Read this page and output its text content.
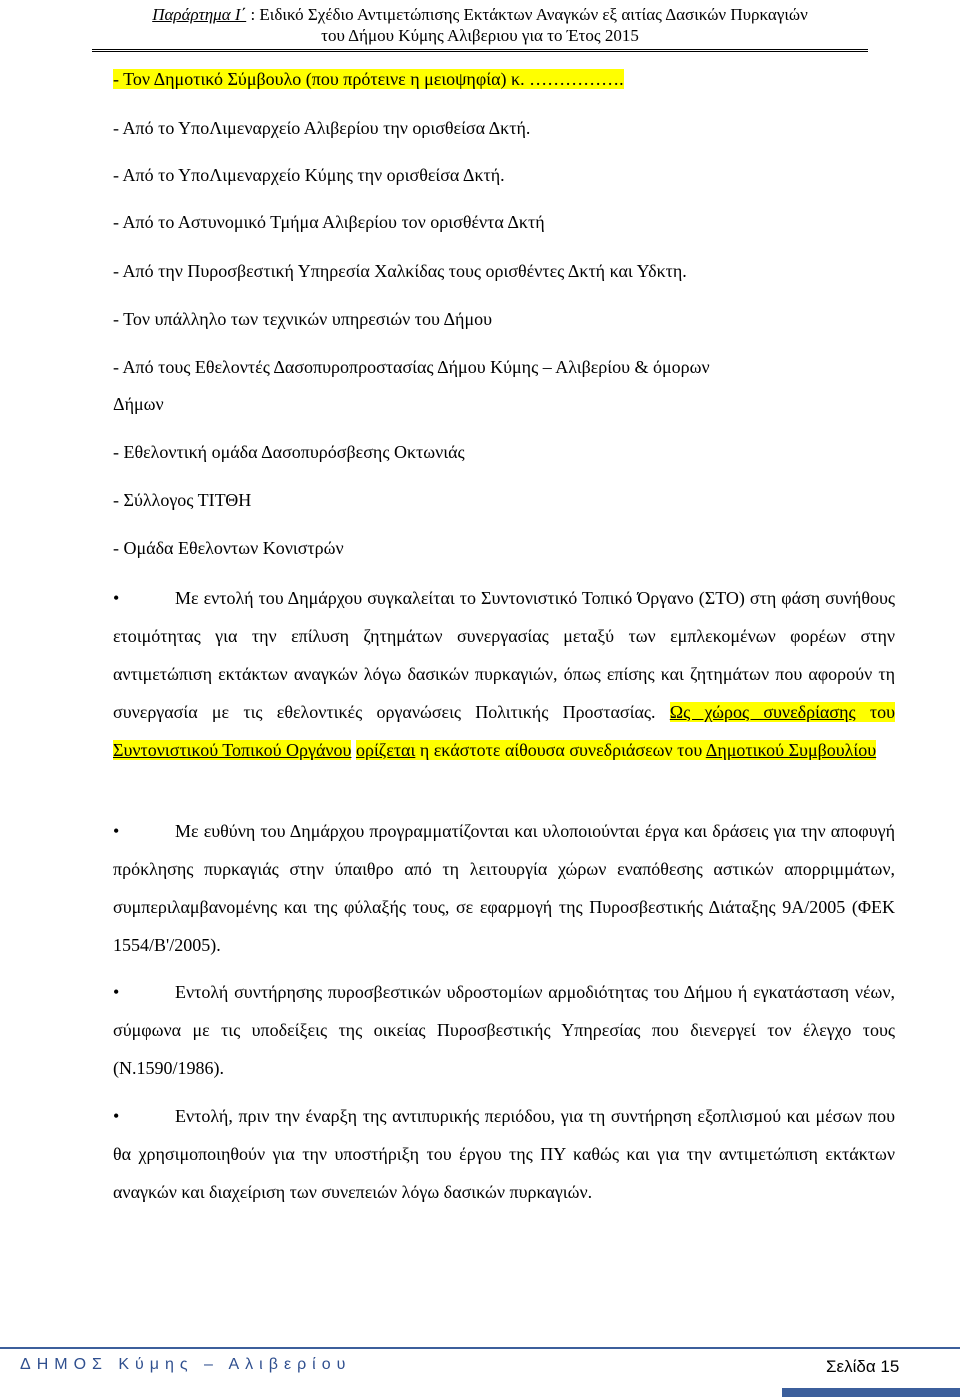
Παράρτημα Ι΄ : Ειδικό Σχέδιο Αντιμετώπισης Εκτάκτων Αναγκών εξ αιτίας Δασικών Πυρκαγιών
του Δήμου Κύμης Αλιβεριου για το Έτος 2015
- Τον Δημοτικό Σύμβουλο (που πρότεινε η μειοψηφία) κ. …………….
- Από το ΥποΛιμεναρχείο Αλιβερίου την ορισθείσα Δκτή.
- Από το ΥποΛιμεναρχείο Κύμης την ορισθείσα Δκτή.
- Από το Αστυνομικό Τμήμα Αλιβερίου τον ορισθέντα Δκτή
- Από την Πυροσβεστική Υπηρεσία Χαλκίδας τους ορισθέντες Δκτή και Υδκτη.
- Τον υπάλληλο των τεχνικών υπηρεσιών του Δήμου
- Από τους Εθελοντές Δασοπυροπροστασίας Δήμου Κύμης – Αλιβερίου & όμορων
Δήμων
- Εθελοντική ομάδα Δασοπυρόσβεσης Οκτωνιάς
- Σύλλογος ΤΙΤΘΗ
- Ομάδα Εθελοντων Κονιστρών
•	Με εντολή του Δημάρχου συγκαλείται το Συντονιστικό Τοπικό Όργανο (ΣΤΟ) στη φάση συνήθους ετοιμότητας για την επίλυση ζητημάτων συνεργασίας μεταξύ των εμπλεκομένων φορέων στην αντιμετώπιση εκτάκτων αναγκών λόγω δασικών πυρκαγιών, όπως επίσης και ζητημάτων που αφορούν τη συνεργασία με τις εθελοντικές οργανώσεις Πολιτικής Προστασίας. Ως χώρος συνεδρίασης του Συντονιστικού Τοπικού Οργάνου ορίζεται η εκάστοτε αίθουσα συνεδριάσεων του Δημοτικού Συμβουλίου
•	Με ευθύνη του Δημάρχου προγραμματίζονται και υλοποιούνται έργα και δράσεις για την αποφυγή πρόκλησης πυρκαγιάς στην ύπαιθρο από τη λειτουργία χώρων εναπόθεσης αστικών απορριμμάτων, συμπεριλαμβανομένης και της φύλαξής τους, σε εφαρμογή της Πυροσβεστικής Διάταξης 9Α/2005 (ΦΕΚ 1554/Β'/2005).
•	Εντολή συντήρησης πυροσβεστικών υδροστομίων αρμοδιότητας του Δήμου ή εγκατάσταση νέων, σύμφωνα με τις υποδείξεις της οικείας Πυροσβεστικής Υπηρεσίας που διενεργεί τον έλεγχο τους (Ν.1590/1986).
•	Εντολή, πριν την έναρξη της αντιπυρικής περιόδου, για τη συντήρηση εξοπλισμού και μέσων που θα χρησιμοποιηθούν για την υποστήριξη του έργου της ΠΥ καθώς και για την αντιμετώπιση εκτάκτων αναγκών και διαχείριση των συνεπειών λόγω δασικών πυρκαγιών.
ΔΗΜΟΣ Κύμης – Αλιβερίου	Σελίδα 15
